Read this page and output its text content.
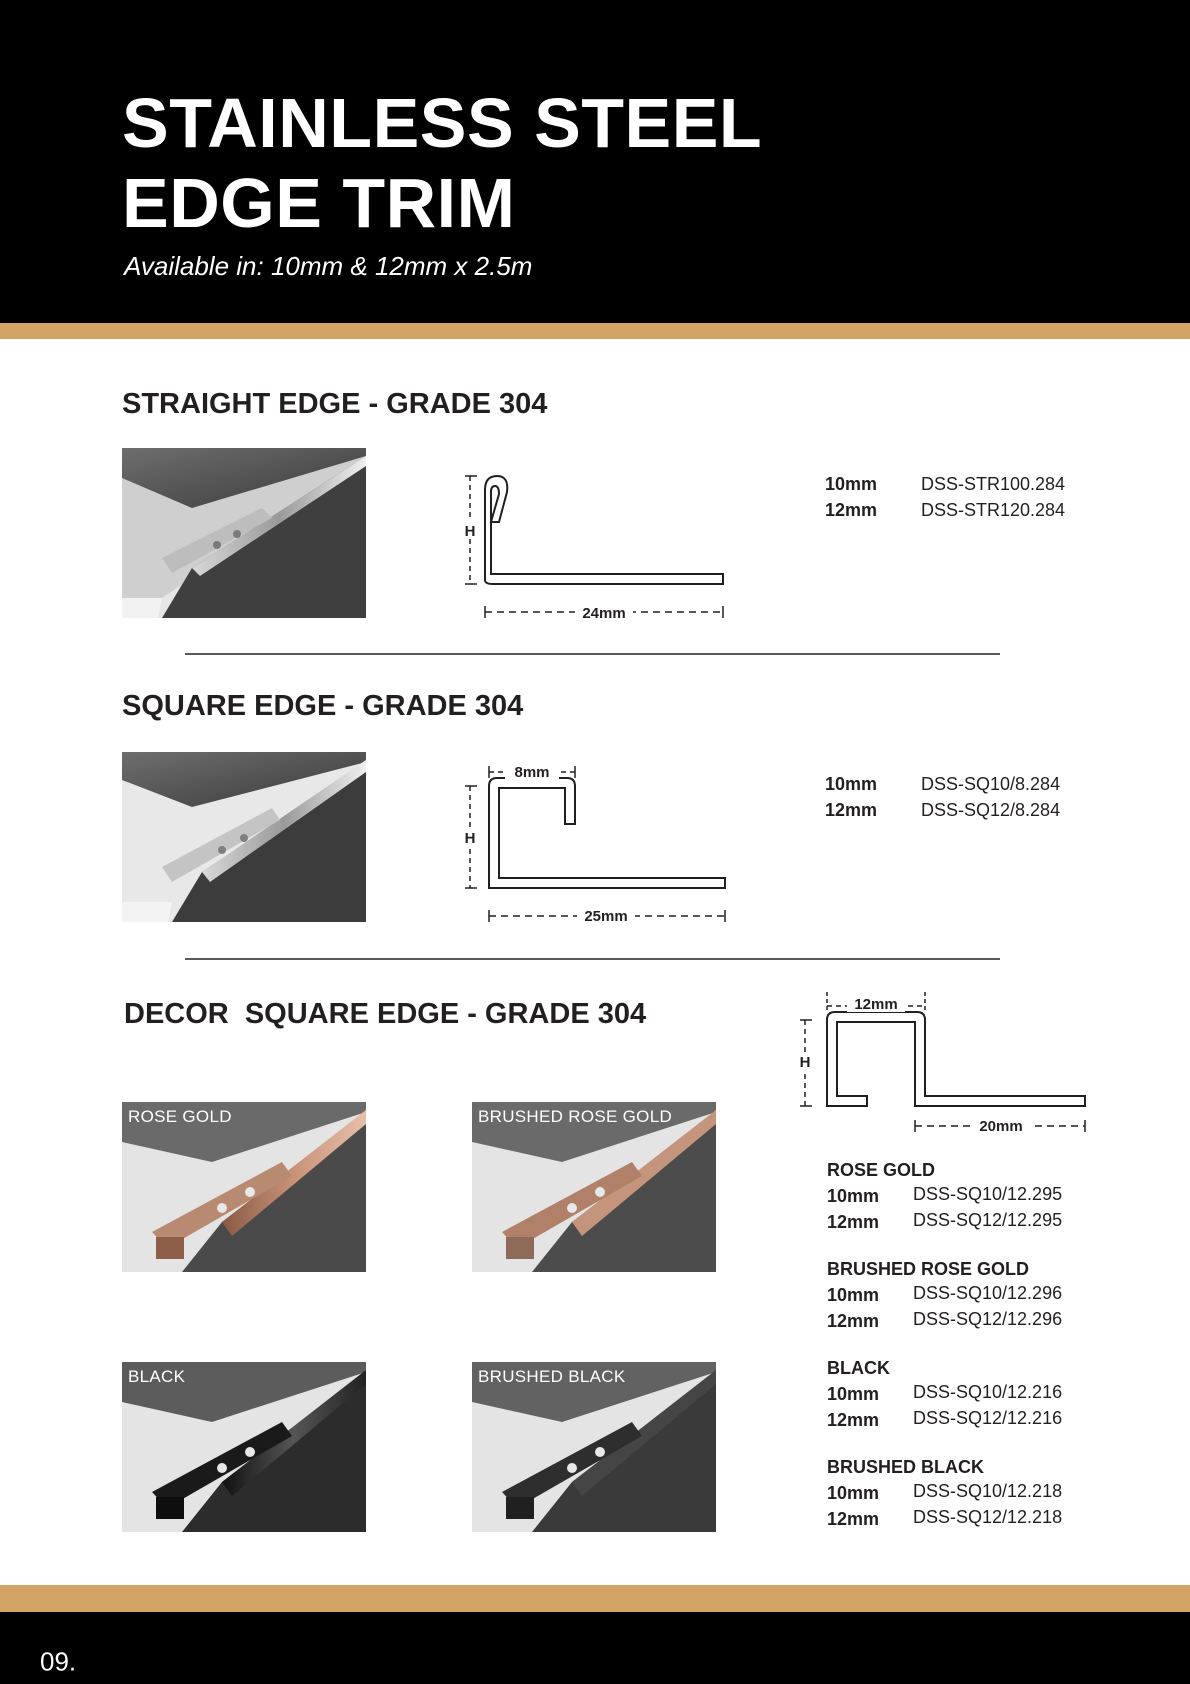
STAINLESS STEEL
EDGE TRIM
Available in: 10mm & 12mm x 2.5m
STRAIGHT EDGE - GRADE 304
H
24mm
10mm DSS-STR100.284
12mm DSS-STR120.284
SQUARE EDGE - GRADE 304
H
8mm
25mm
10mm DSS-SQ10/8.284
12mm DSS-SQ12/8.284
DECOR  SQUARE EDGE - GRADE 304
H
12mm
20mm
ROSE GOLD	BRUSHED ROSE GOLD
BLACK	BRUSHED BLACK
ROSE GOLD
10mm DSS-SQ10/12.295
12mm DSS-SQ12/12.295
BRUSHED ROSE GOLD
10mm DSS-SQ10/12.296
12mm DSS-SQ12/12.296
BLACK
10mm DSS-SQ10/12.216
12mm DSS-SQ12/12.216
BRUSHED BLACK
10mm DSS-SQ10/12.218
12mm DSS-SQ12/12.218
09.
